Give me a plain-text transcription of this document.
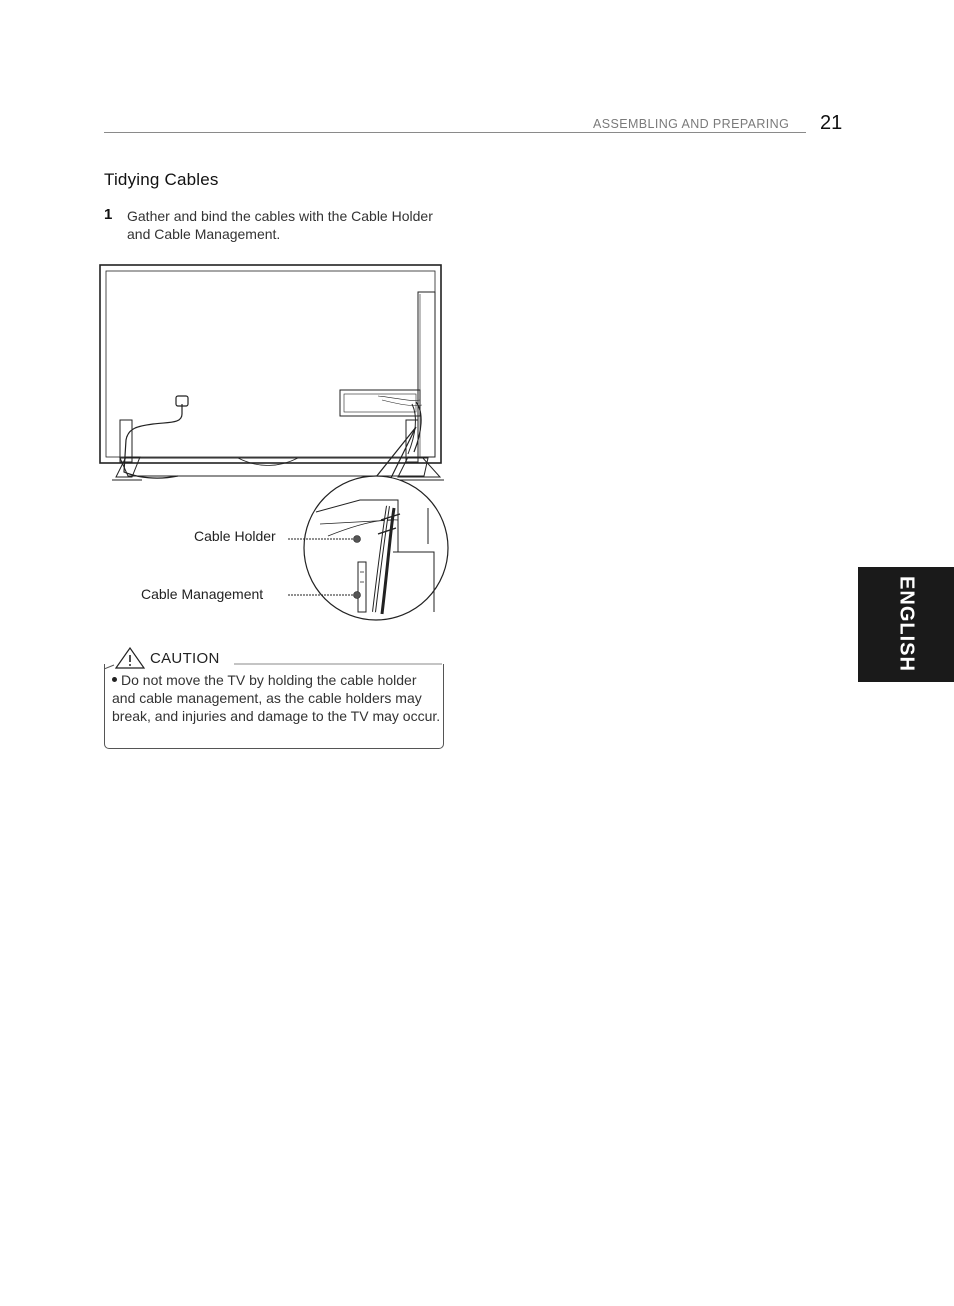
ASSEMBLING AND PREPARING 21
Tidying Cables
1 Gather and bind the cables with the Cable Holder and Cable Management.
Cable Holder
Cable Management
CAUTION
Do not move the TV by holding the cable holder and cable management, as the cable holders may break, and injuries and damage to the TV may occur.
ENGLISH
